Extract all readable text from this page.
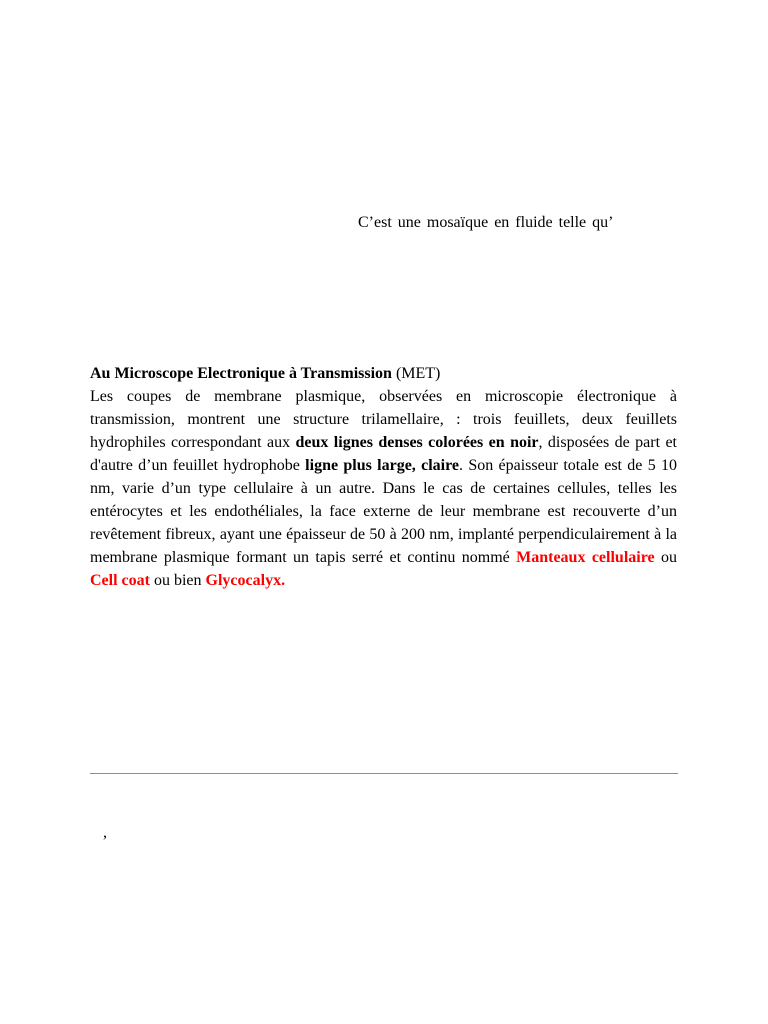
C’est une mosaïque en fluide telle qu’

Au Microscope Electronique à Transmission (MET)

Les coupes de membrane plasmique, observées en microscopie électronique à transmission, montrent une structure trilamellaire, : trois feuillets, deux feuillets hydrophiles correspondant aux deux lignes denses colorées en noir, disposées de part et d'autre d’un feuillet hydrophobe ligne plus large, claire. Son épaisseur totale est de 5 10 nm, varie d’un type cellulaire à un autre. Dans le cas de certaines cellules, telles les entérocytes et les endothéliales, la face externe de leur membrane est recouverte d’un revêtement fibreux, ayant une épaisseur de 50 à 200 nm, implanté perpendiculairement à la membrane plasmique formant un tapis serré et continu nommé Manteaux cellulaire ou Cell coat ou bien Glycocalyx.

,
